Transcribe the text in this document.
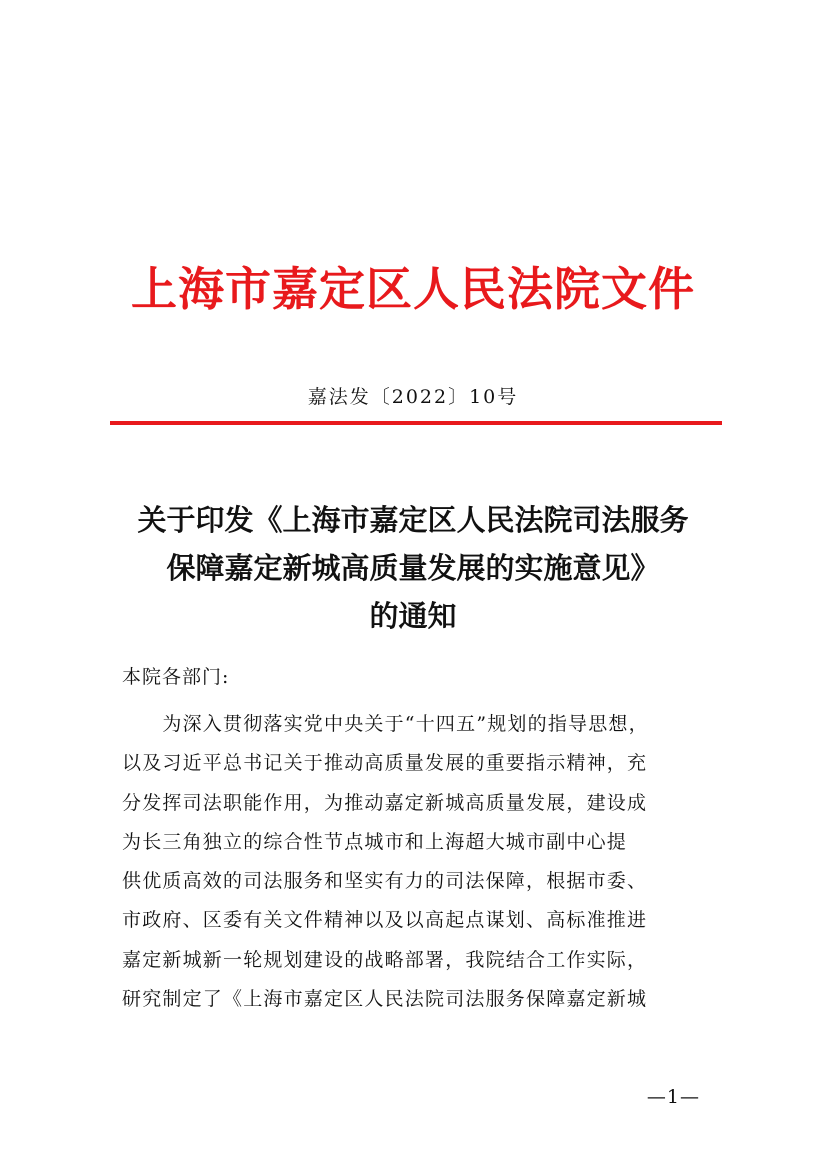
上海市嘉定区人民法院文件
嘉法发〔2022〕10号
关于印发《上海市嘉定区人民法院司法服务
保障嘉定新城高质量发展的实施意见》
的通知
本院各部门:
　　为深入贯彻落实党中央关于“十四五”规划的指导思想，
以及习近平总书记关于推动高质量发展的重要指示精神，充
分发挥司法职能作用，为推动嘉定新城高质量发展，建设成
为长三角独立的综合性节点城市和上海超大城市副中心提
供优质高效的司法服务和坚实有力的司法保障，根据市委、
市政府、区委有关文件精神以及以高起点谋划、高标准推进
嘉定新城新一轮规划建设的战略部署，我院结合工作实际，
研究制定了《上海市嘉定区人民法院司法服务保障嘉定新城
—1—
